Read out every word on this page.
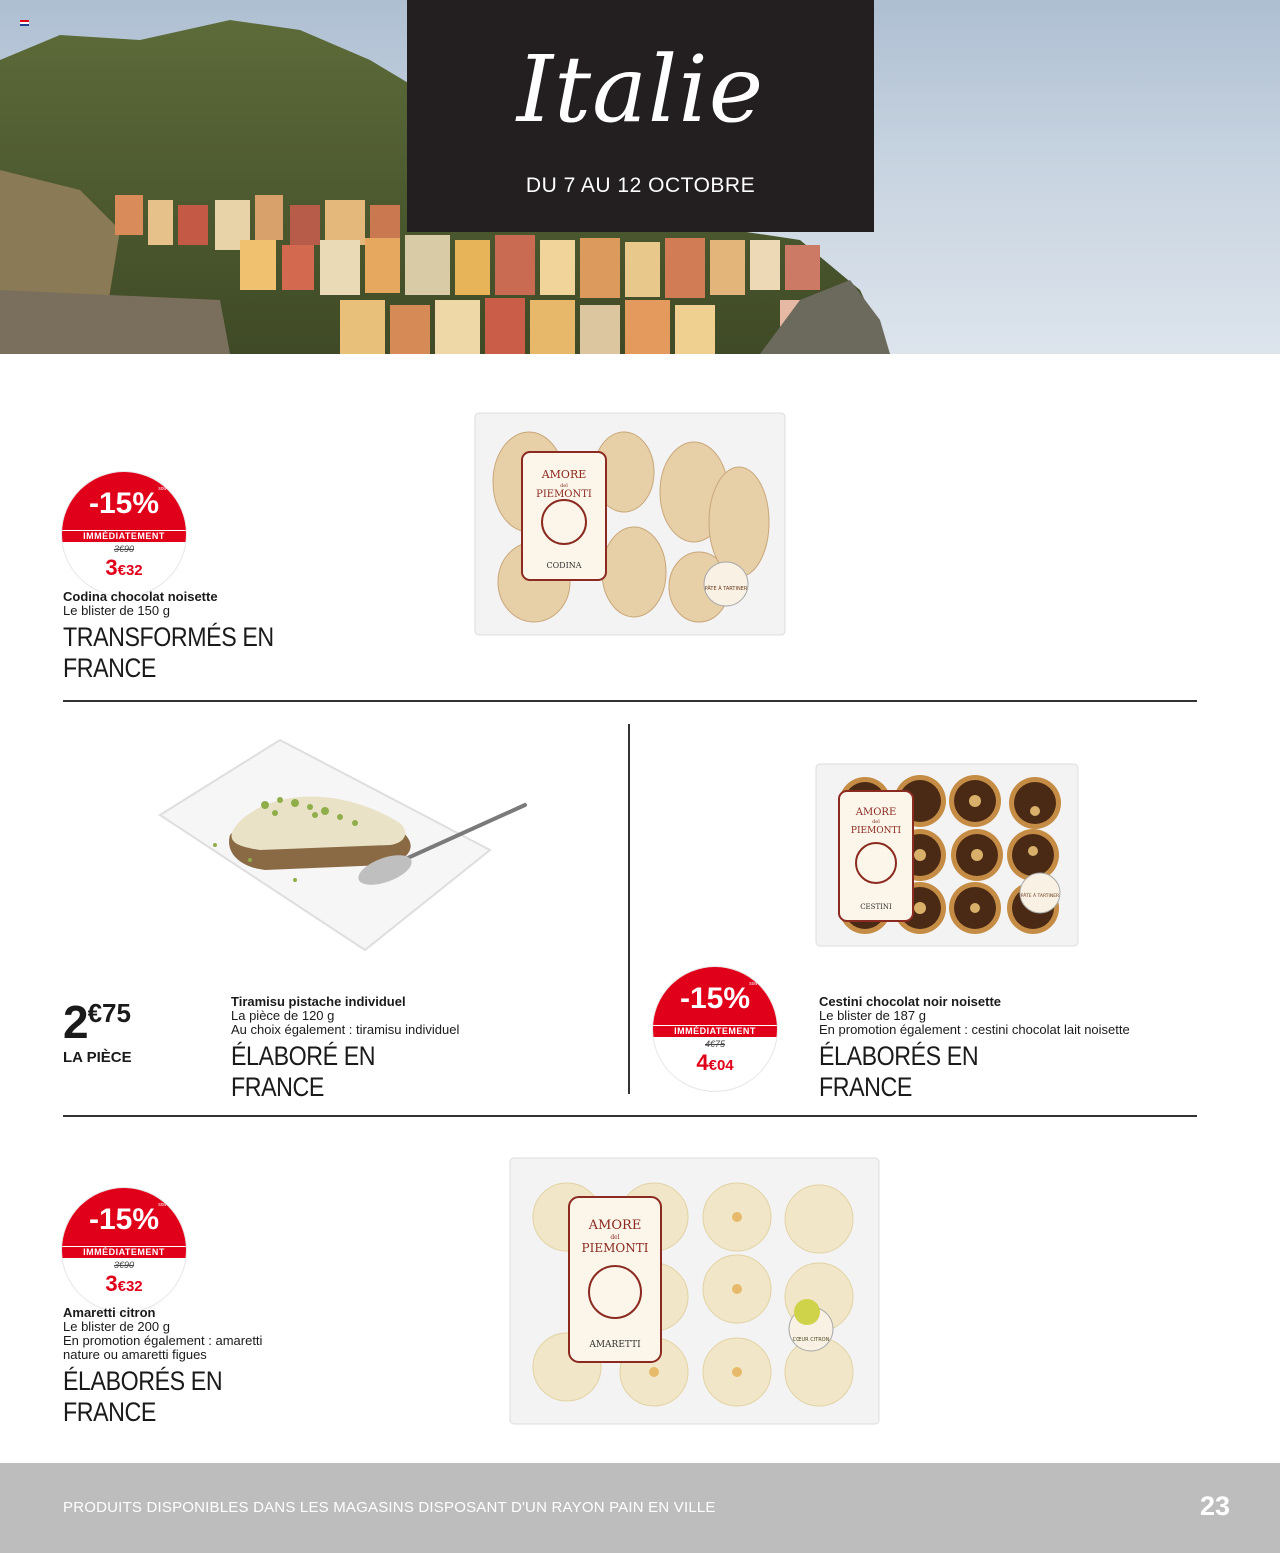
Italie
DU 7 AU 12 OCTOBRE
-15% soit
IMMÉDIATEMENT
3€90
3€32
Codina chocolat noisette
Le blister de 150 g
TRANSFORMÉS EN
FRANCE
AMORE
del
PIEMONTI
CODINA
PÂTE À TARTINER
$2^{€75}$
LA PIÈCE
Tiramisu pistache individuel
La pièce de 120 g
Au choix également : tiramisu individuel
ÉLABORÉ EN
FRANCE
AMORE
del
PIEMONTI
CESTINI
PÂTE À TARTINER
-15% soit
IMMÉDIATEMENT
4€75
4€04
Cestini chocolat noir noisette
Le blister de 187 g
En promotion également : cestini chocolat lait noisette
ÉLABORÉS EN
FRANCE
-15% soit
IMMÉDIATEMENT
3€90
3€32
Amaretti citron
Le blister de 200 g
En promotion également : amaretti
nature ou amaretti figues
ÉLABORÉS EN
FRANCE
AMORE
del
PIEMONTI
AMARETTI	CŒUR CITRON
PRODUITS DISPONIBLES DANS LES MAGASINS DISPOSANT D'UN RAYON PAIN EN VILLE	23
